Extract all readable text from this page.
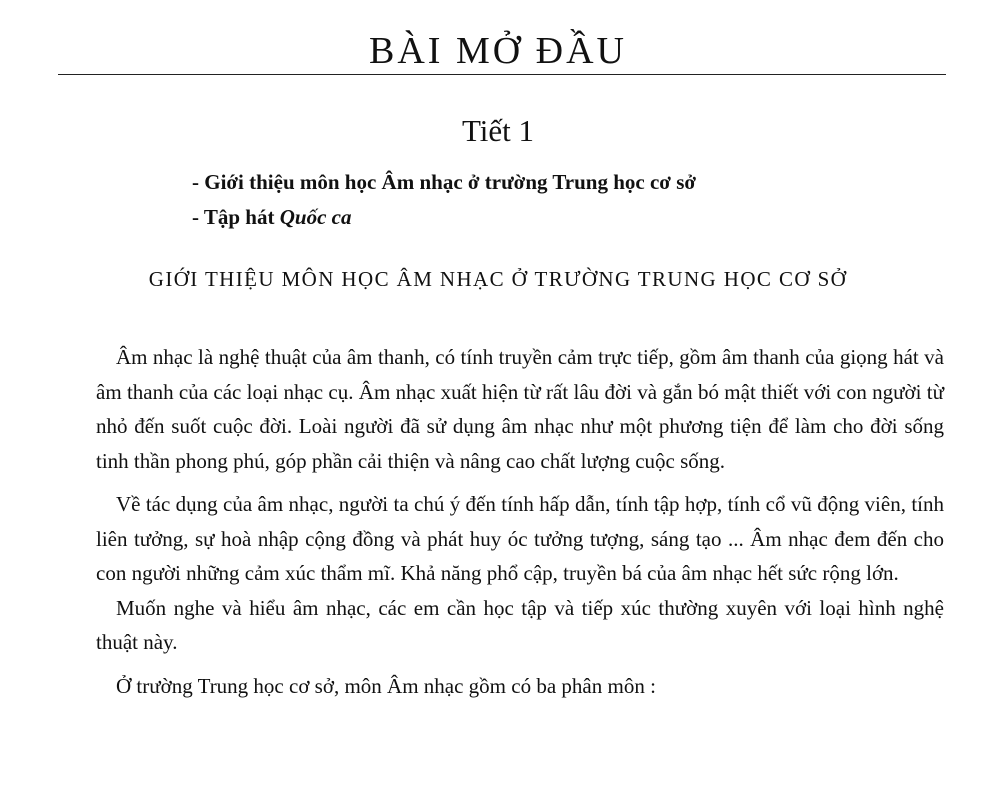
BÀI MỞ ĐẦU
Tiết 1
- Giới thiệu môn học Âm nhạc ở trường Trung học cơ sở
- Tập hát Quốc ca
GIỚI THIỆU MÔN HỌC ÂM NHẠC Ở TRƯỜNG TRUNG HỌC CƠ SỞ

Âm nhạc là nghệ thuật của âm thanh, có tính truyền cảm trực tiếp, gồm âm thanh của giọng hát và âm thanh của các loại nhạc cụ. Âm nhạc xuất hiện từ rất lâu đời và gắn bó mật thiết với con người từ nhỏ đến suốt cuộc đời. Loài người đã sử dụng âm nhạc như một phương tiện để làm cho đời sống tinh thần phong phú, góp phần cải thiện và nâng cao chất lượng cuộc sống.

Về tác dụng của âm nhạc, người ta chú ý đến tính hấp dẫn, tính tập hợp, tính cổ vũ động viên, tính liên tưởng, sự hoà nhập cộng đồng và phát huy óc tưởng tượng, sáng tạo ... Âm nhạc đem đến cho con người những cảm xúc thẩm mĩ. Khả năng phổ cập, truyền bá của âm nhạc hết sức rộng lớn.

Muốn nghe và hiểu âm nhạc, các em cần học tập và tiếp xúc thường xuyên với loại hình nghệ thuật này.

Ở trường Trung học cơ sở, môn Âm nhạc gồm có ba phân môn :
